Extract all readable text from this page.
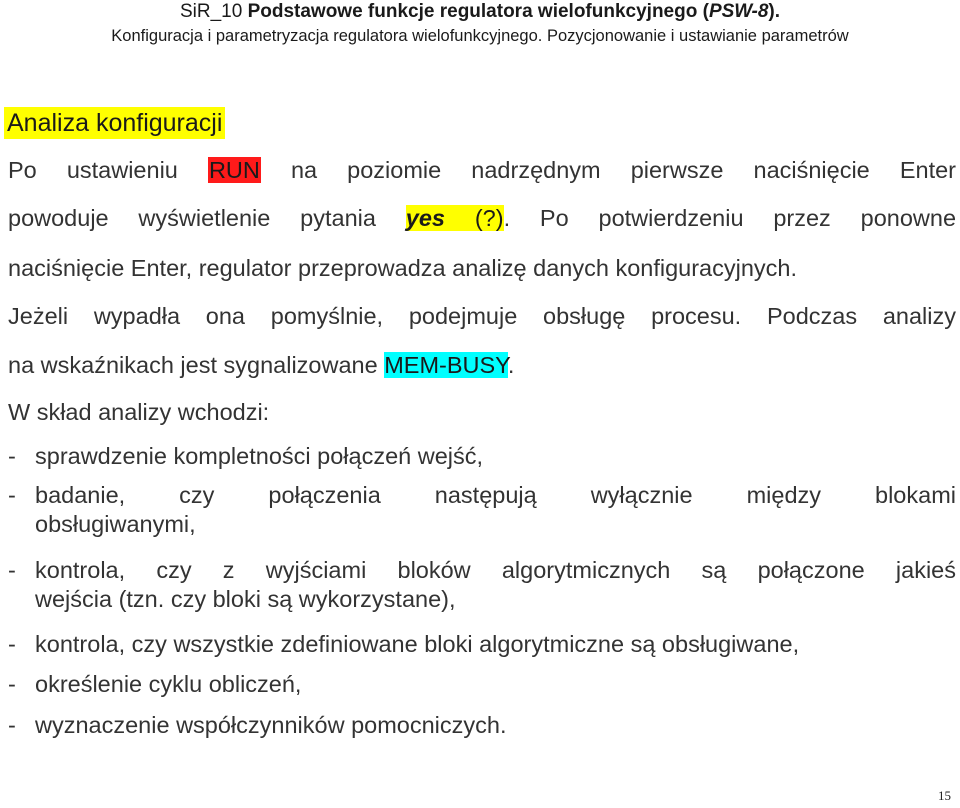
SiR_10 Podstawowe funkcje regulatora wielofunkcyjnego (PSW-8).
Konfiguracja i parametryzacja regulatora wielofunkcyjnego. Pozycjonowanie i ustawianie parametrów
Analiza konfiguracji
Po ustawieniu RUN na poziomie nadrzędnym pierwsze naciśnięcie Enter
powoduje wyświetlenie pytania yes (?). Po potwierdzeniu przez ponowne
naciśnięcie Enter, regulator przeprowadza analizę danych konfiguracyjnych.
Jeżeli wypadła ona pomyślnie, podejmuje obsługę procesu. Podczas analizy
na wskaźnikach jest sygnalizowane MEM-BUSY.
W skład analizy wchodzi:
- sprawdzenie kompletności połączeń wejść,
- badanie, czy połączenia następują wyłącznie między blokami
obsługiwanymi,
- kontrola, czy z wyjściami bloków algorytmicznych są połączone jakieś
wejścia (tzn. czy bloki są wykorzystane),
- kontrola, czy wszystkie zdefiniowane bloki algorytmiczne są obsługiwane,
- określenie cyklu obliczeń,
- wyznaczenie współczynników pomocniczych.
15
